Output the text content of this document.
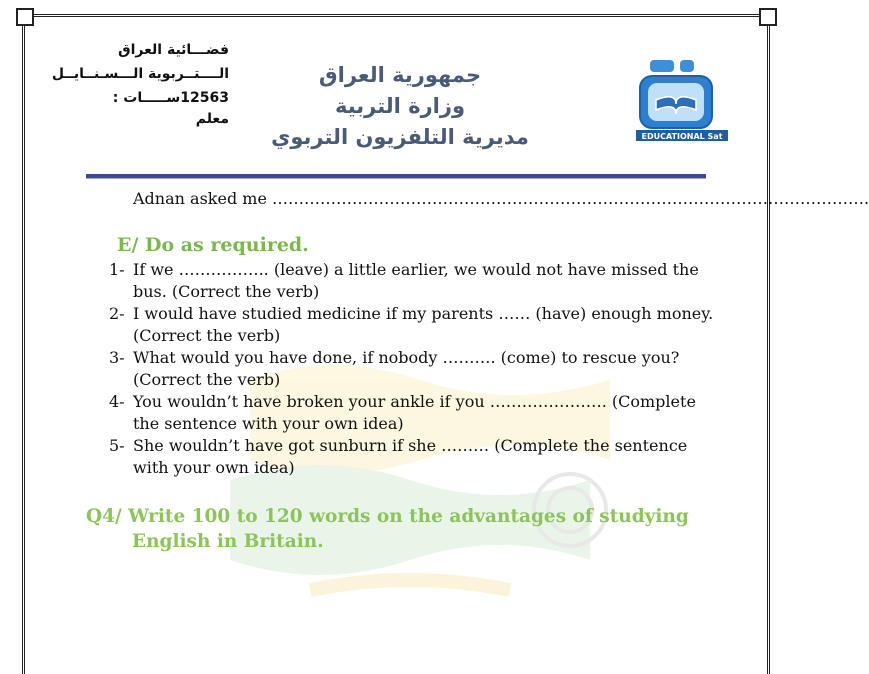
فضـــائية العراق
الــــتــربوية الـــسـنــايــل
12563ســـــات :
معلم
جمهورية العراق
وزارة التربية
مديرية التلفزيون التربوي	EDUCATIONAL Sat
Adnan asked me ………………………………………………………………………………………………….
E/ Do as required.
1- If we …………….. (leave) a little earlier, we would not have missed the bus. (Correct the verb)
2- I would have studied medicine if my parents …… (have) enough money. (Correct the verb)
3- What would you have done, if nobody ………. (come) to rescue you? (Correct the verb)
4- You wouldn’t have broken your ankle if you …………………. (Complete the sentence with your own idea)
5- She wouldn’t have got sunburn if she ……… (Complete the sentence with your own idea)
Q4/ Write 100 to 120 words on the advantages of studying
English in Britain.
